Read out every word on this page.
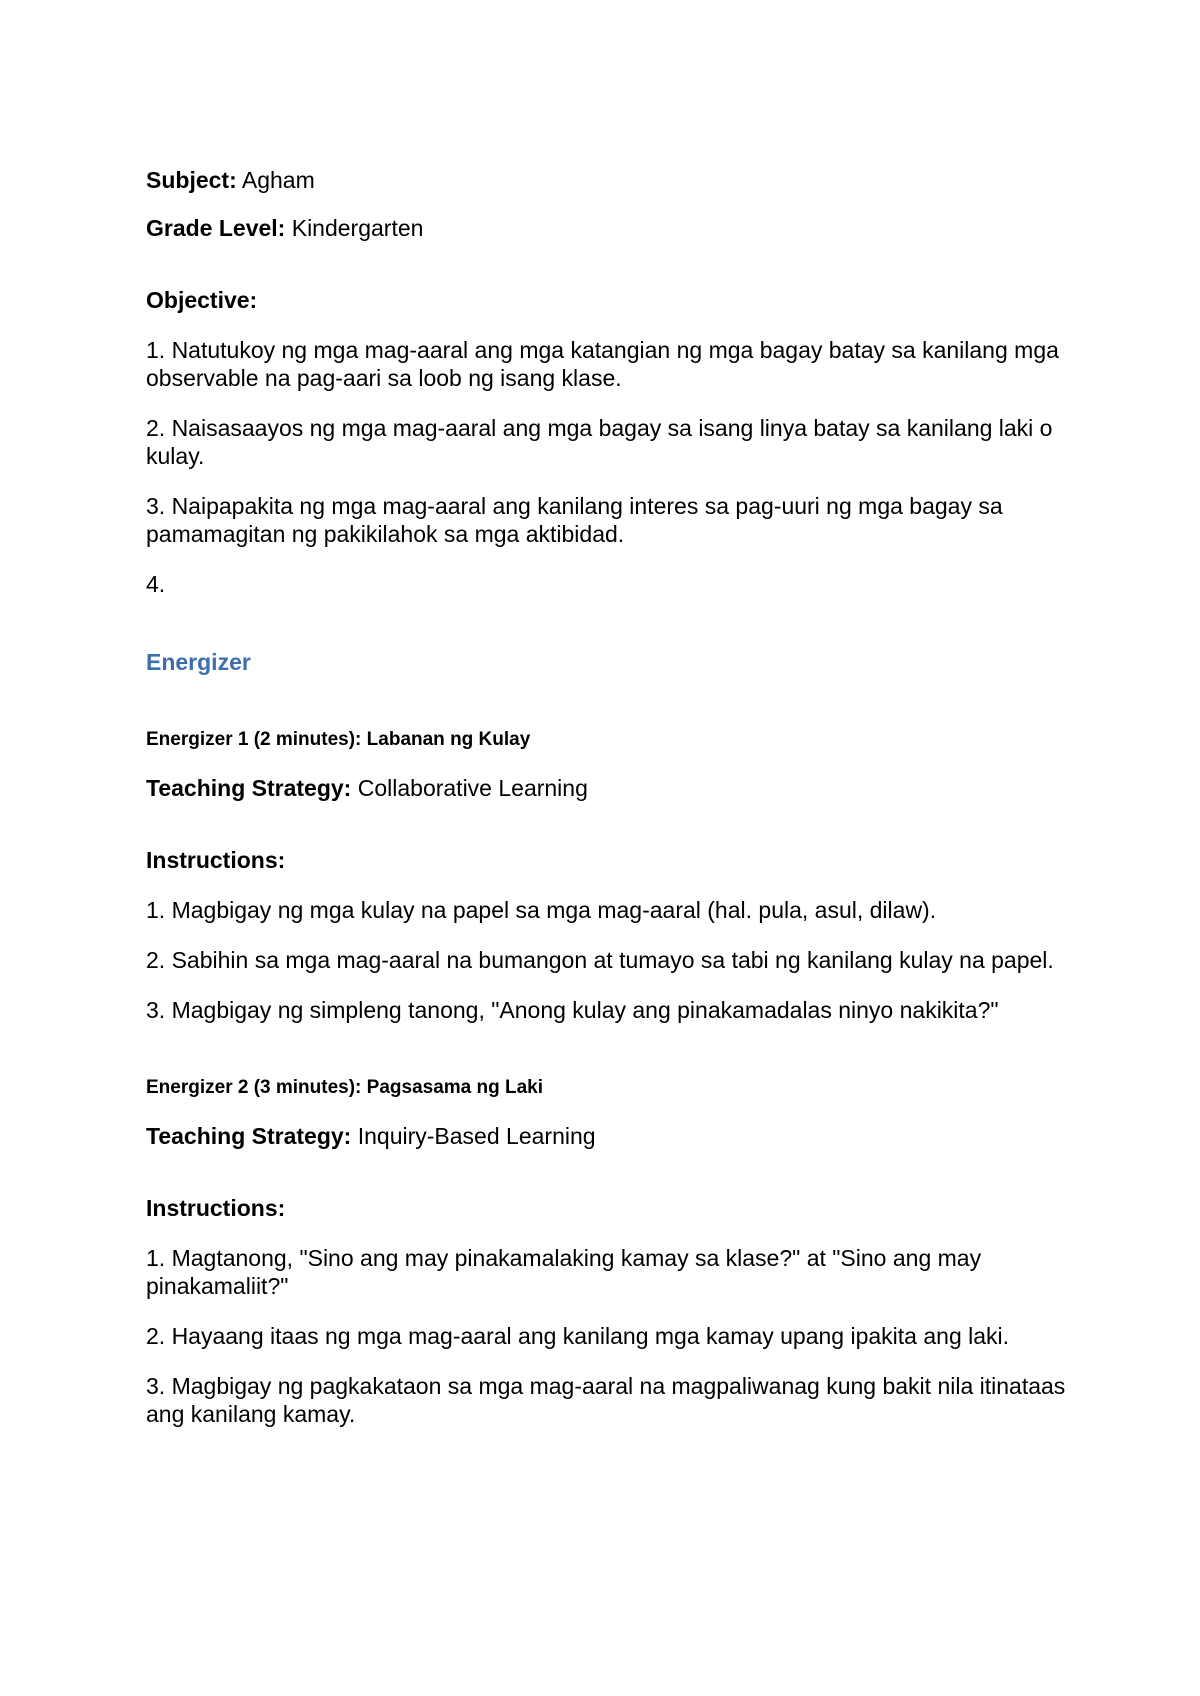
Subject: Agham

Grade Level: Kindergarten

Objective:

1. Natutukoy ng mga mag-aaral ang mga katangian ng mga bagay batay sa kanilang mga observable na pag-aari sa loob ng isang klase.

2. Naisasaayos ng mga mag-aaral ang mga bagay sa isang linya batay sa kanilang laki o kulay.

3. Naipapakita ng mga mag-aaral ang kanilang interes sa pag-uuri ng mga bagay sa pamamagitan ng pakikilahok sa mga aktibidad.

4.

Energizer

Energizer 1 (2 minutes): Labanan ng Kulay

Teaching Strategy: Collaborative Learning

Instructions:

1. Magbigay ng mga kulay na papel sa mga mag-aaral (hal. pula, asul, dilaw).

2. Sabihin sa mga mag-aaral na bumangon at tumayo sa tabi ng kanilang kulay na papel.

3. Magbigay ng simpleng tanong, "Anong kulay ang pinakamadalas ninyo nakikita?"

Energizer 2 (3 minutes): Pagsasama ng Laki

Teaching Strategy: Inquiry-Based Learning

Instructions:

1. Magtanong, "Sino ang may pinakamalaking kamay sa klase?" at "Sino ang may pinakamaliit?"

2. Hayaang itaas ng mga mag-aaral ang kanilang mga kamay upang ipakita ang laki.

3. Magbigay ng pagkakataon sa mga mag-aaral na magpaliwanag kung bakit nila itinataas ang kanilang kamay.
